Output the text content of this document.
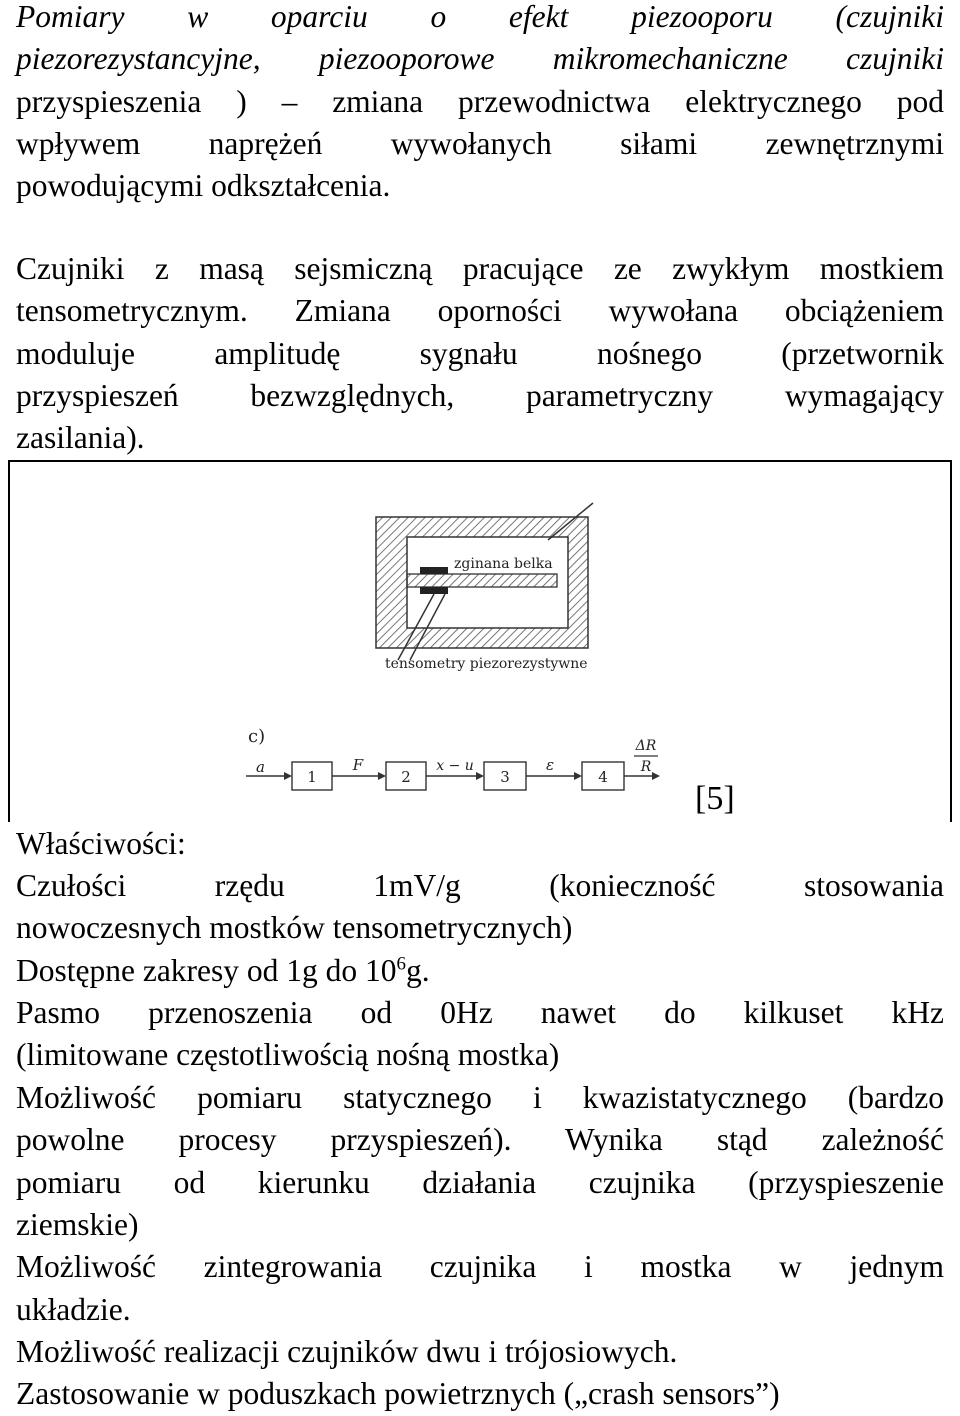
Pomiary w oparciu o efekt piezooporu (czujniki
piezorezystancyjne, piezooporowe mikromechaniczne czujniki
przyspieszenia ) – zmiana przewodnictwa elektrycznego pod
wpływem naprężeń wywołanych siłami zewnętrznymi
powodującymi odkształcenia.
Czujniki z masą sejsmiczną pracujące ze zwykłym mostkiem
tensometrycznym. Zmiana oporności wywołana obciążeniem
moduluje amplitudę sygnału nośnego (przetwornik
przyspieszeń bezwzględnych, parametryczny wymagający
zasilania).
zginana belka
tensometry piezorezystywne
c)
a
1
F
2
x − u
3
ε
4
ΔR
R
[5]
Właściwości:
Czułości rzędu 1mV/g (konieczność stosowania
nowoczesnych mostków tensometrycznych)
Dostępne zakresy od 1g do $10^6g$.
Pasmo przenoszenia od 0Hz nawet do kilkuset kHz
(limitowane częstotliwością nośną mostka)
Możliwość pomiaru statycznego i kwazistatycznego (bardzo
powolne procesy przyspieszeń). Wynika stąd zależność
pomiaru od kierunku działania czujnika (przyspieszenie
ziemskie)
Możliwość zintegrowania czujnika i mostka w jednym
układzie.
Możliwość realizacji czujników dwu i trójosiowych.
Zastosowanie w poduszkach powietrznych („crash sensors”)
